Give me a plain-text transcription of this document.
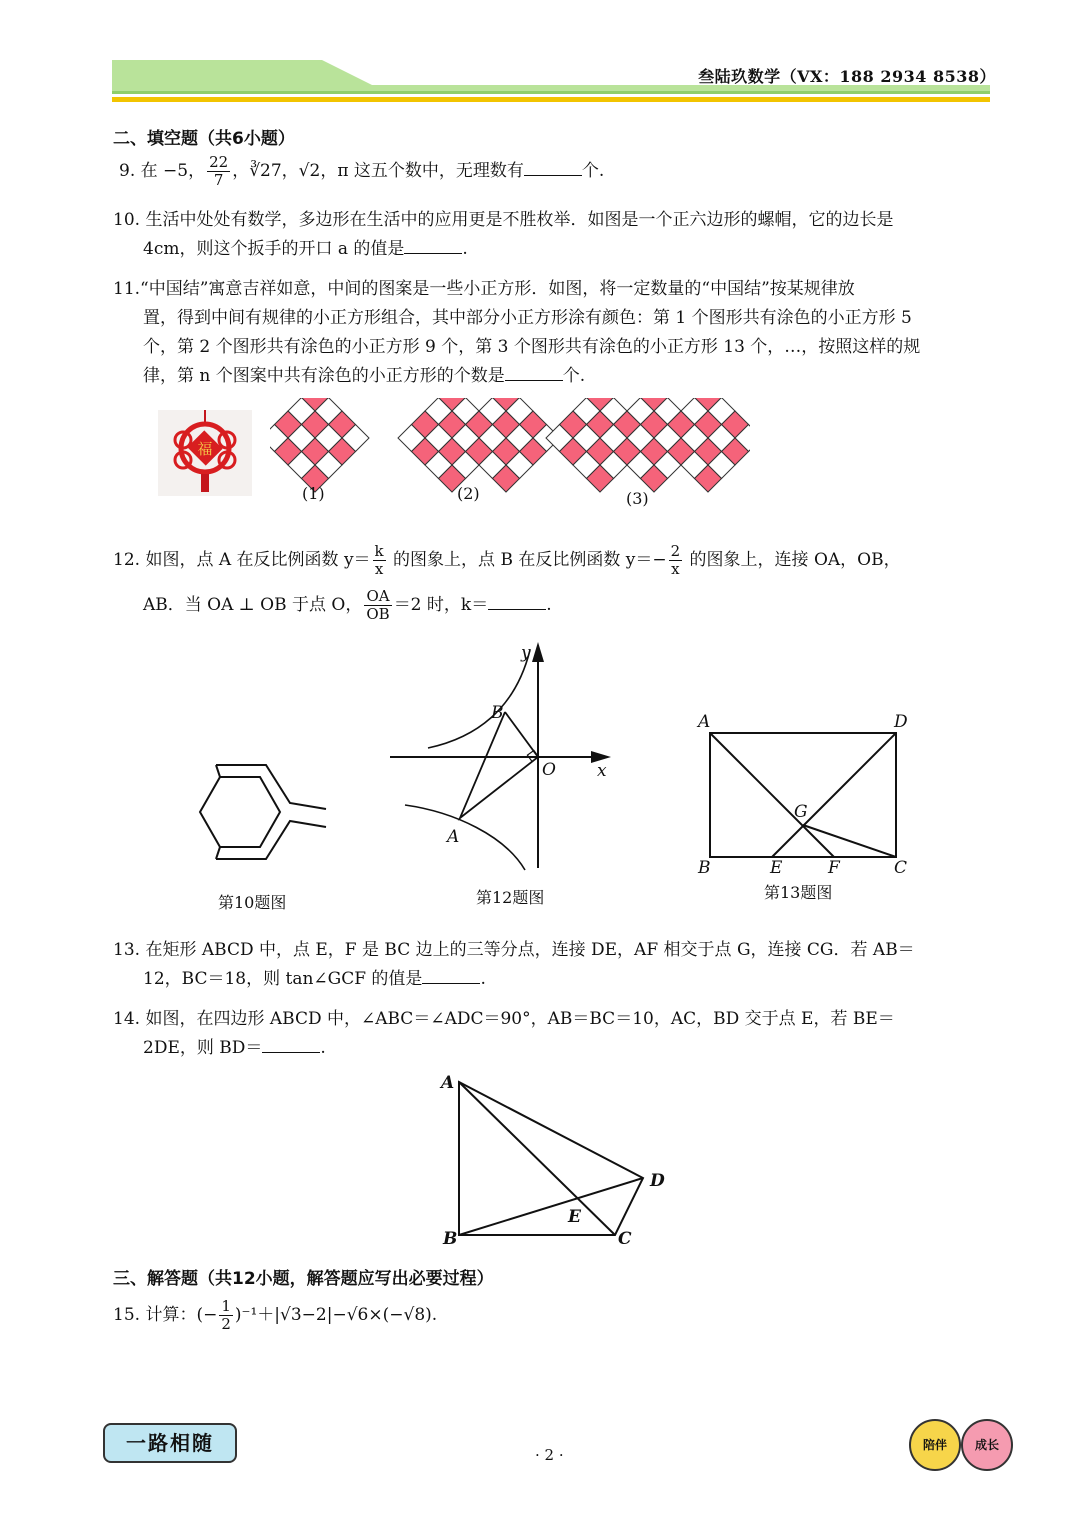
叁陆玖数学（VX：188 2934 8538）
二、填空题（共6小题）
9. 在 −5， $\frac{22}{7}$ ，∛27，√2，π 这五个数中，无理数有	个.
10. 生活中处处有数学，多边形在生活中的应用更是不胜枚举．如图是一个正六边形的螺帽，它的边长是
4cm，则这个扳手的开口 a 的值是	.
11.“中国结”寓意吉祥如意，中间的图案是一些小正方形．如图，将一定数量的“中国结”按某规律放
置，得到中间有规律的小正方形组合，其中部分小正方形涂有颜色：第 1 个图形共有涂色的小正方形 5
个，第 2 个图形共有涂色的小正方形 9 个，第 3 个图形共有涂色的小正方形 13 个，…，按照这样的规
律，第 n 个图案中共有涂色的小正方形的个数是	个.
福
(1)	(2)	(3)
12. 如图，点 A 在反比例函数 $y= \frac{k}{x}$ 的图象上，点 B 在反比例函数 $y=- \frac{2}{x}$ 的图象上，连接 OA，OB，
AB．当 OA ⊥ OB 于点 O， $\frac{OA}{OB} =2$ 时，k＝	.
第10题图
y
x
O
B
A
第12题图
A	D
B	C
E	F
G
第13题图
13. 在矩形 ABCD 中，点 E，F 是 BC 边上的三等分点，连接 DE，AF 相交于点 G，连接 CG．若 AB＝
12，BC＝18，则 tan∠GCF 的值是	.
14. 如图，在四边形 ABCD 中，∠ABC＝∠ADC＝90°，AB＝BC＝10，AC，BD 交于点 E，若 BE＝
2DE，则 BD＝	.
A
B	C
D
E
三、解答题（共12小题，解答题应写出必要过程）
15. 计算：(− $\frac{1}{2} )^{-1}+|√3-2|-√6\times(-√8)$.
一路相随	· 2 ·
陪伴	成长
